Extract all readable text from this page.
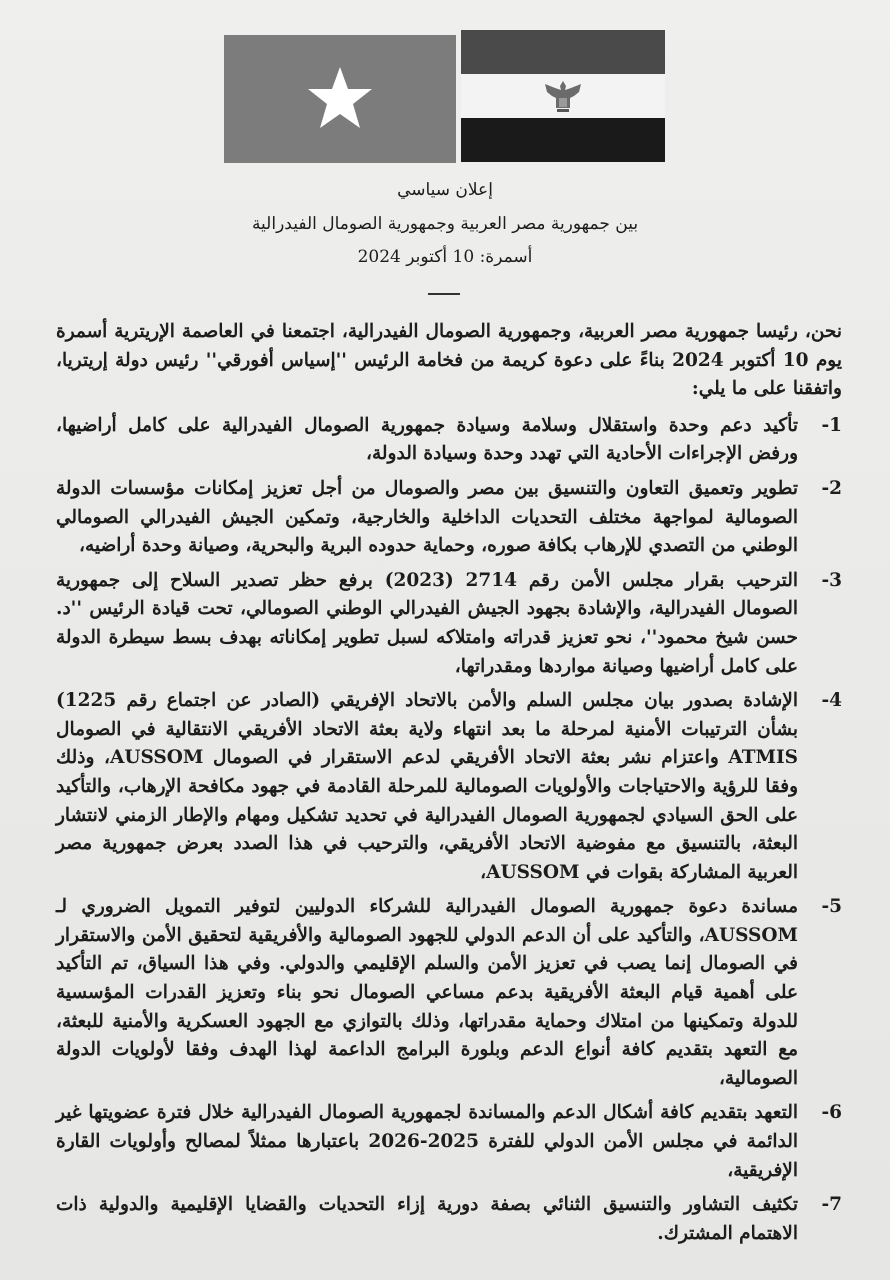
إعلان سياسي
بين جمهورية مصر العربية وجمهورية الصومال الفيدرالية
أسمرة: 10 أكتوبر 2024

نحن، رئيسا جمهورية مصر العربية، وجمهورية الصومال الفيدرالية، اجتمعنا في العاصمة الإريترية أسمرة يوم 10 أكتوبر 2024 بناءً على دعوة كريمة من فخامة الرئيس ''إسياس أفورقي'' رئيس دولة إريتريا، واتفقنا على ما يلي:

-1
تأكيد دعم وحدة واستقلال وسلامة وسيادة جمهورية الصومال الفيدرالية على كامل أراضيها، ورفض الإجراءات الأحادية التي تهدد وحدة وسيادة الدولة،
-2
تطوير وتعميق التعاون والتنسيق بين مصر والصومال من أجل تعزيز إمكانات مؤسسات الدولة الصومالية لمواجهة مختلف التحديات الداخلية والخارجية، وتمكين الجيش الفيدرالي الصومالي الوطني من التصدي للإرهاب بكافة صوره، وحماية حدوده البرية والبحرية، وصيانة وحدة أراضيه،
-3
الترحيب بقرار مجلس الأمن رقم 2714 (2023) برفع حظر تصدير السلاح إلى جمهورية الصومال الفيدرالية، والإشادة بجهود الجيش الفيدرالي الوطني الصومالي، تحت قيادة الرئيس ''د. حسن شيخ محمود''، نحو تعزيز قدراته وامتلاكه لسبل تطوير إمكاناته بهدف بسط سيطرة الدولة على كامل أراضيها وصيانة مواردها ومقدراتها،
-4
الإشادة بصدور بيان مجلس السلم والأمن بالاتحاد الإفريقي (الصادر عن اجتماع رقم 1225) بشأن الترتيبات الأمنية لمرحلة ما بعد انتهاء ولاية بعثة الاتحاد الأفريقي الانتقالية في الصومال ATMIS واعتزام نشر بعثة الاتحاد الأفريقي لدعم الاستقرار في الصومال AUSSOM، وذلك وفقا للرؤية والاحتياجات والأولويات الصومالية للمرحلة القادمة في جهود مكافحة الإرهاب، والتأكيد على الحق السيادي لجمهورية الصومال الفيدرالية في تحديد تشكيل ومهام والإطار الزمني لانتشار البعثة، بالتنسيق مع مفوضية الاتحاد الأفريقي، والترحيب في هذا الصدد بعرض جمهورية مصر العربية المشاركة بقوات في AUSSOM،
-5
مساندة دعوة جمهورية الصومال الفيدرالية للشركاء الدوليين لتوفير التمويل الضروري لـ AUSSOM، والتأكيد على أن الدعم الدولي للجهود الصومالية والأفريقية لتحقيق الأمن والاستقرار في الصومال إنما يصب في تعزيز الأمن والسلم الإقليمي والدولي. وفي هذا السياق، تم التأكيد على أهمية قيام البعثة الأفريقية بدعم مساعي الصومال نحو بناء وتعزيز القدرات المؤسسية للدولة وتمكينها من امتلاك وحماية مقدراتها، وذلك بالتوازي مع الجهود العسكرية والأمنية للبعثة، مع التعهد بتقديم كافة أنواع الدعم وبلورة البرامج الداعمة لهذا الهدف وفقا لأولويات الدولة الصومالية،
-6
التعهد بتقديم كافة أشكال الدعم والمساندة لجمهورية الصومال الفيدرالية خلال فترة عضويتها غير الدائمة في مجلس الأمن الدولي للفترة 2025-2026 باعتبارها ممثلاً لمصالح وأولويات القارة الإفريقية،
-7
تكثيف التشاور والتنسيق الثنائي بصفة دورية إزاء التحديات والقضايا الإقليمية والدولية ذات الاهتمام المشترك.
